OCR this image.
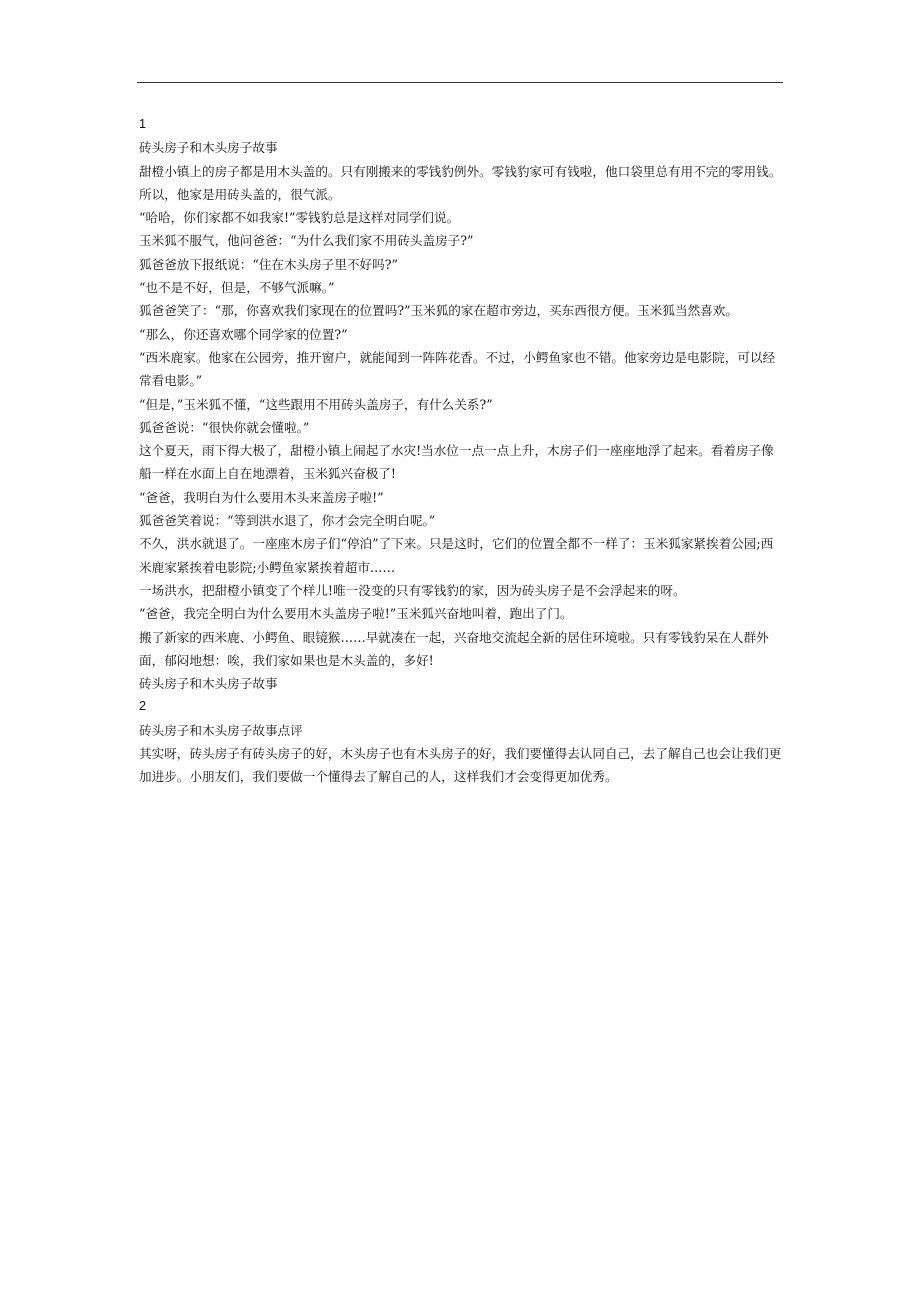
1
砖头房子和木头房子故事
甜橙小镇上的房子都是用木头盖的。只有刚搬来的零钱豹例外。零钱豹家可有钱啦，他口袋里总有用不完的零用钱。所以，他家是用砖头盖的，很气派。
“哈哈，你们家都不如我家!”零钱豹总是这样对同学们说。
玉米狐不服气，他问爸爸：“为什么我们家不用砖头盖房子?”
狐爸爸放下报纸说：“住在木头房子里不好吗?”
“也不是不好，但是，不够气派嘛。”
狐爸爸笑了：“那，你喜欢我们家现在的位置吗?”玉米狐的家在超市旁边，买东西很方便。玉米狐当然喜欢。
“那么，你还喜欢哪个同学家的位置?”
“西米鹿家。他家在公园旁，推开窗户，就能闻到一阵阵花香。不过，小鳄鱼家也不错。他家旁边是电影院，可以经常看电影。”
“但是，”玉米狐不懂，“这些跟用不用砖头盖房子，有什么关系?”
狐爸爸说：“很快你就会懂啦。”
这个夏天，雨下得大极了，甜橙小镇上闹起了水灾!当水位一点一点上升，木房子们一座座地浮了起来。看着房子像船一样在水面上自在地漂着，玉米狐兴奋极了!
“爸爸，我明白为什么要用木头来盖房子啦!”
狐爸爸笑着说：“等到洪水退了，你才会完全明白呢。”
不久，洪水就退了。一座座木房子们“停泊”了下来。只是这时，它们的位置全都不一样了：玉米狐家紧挨着公园;西米鹿家紧挨着电影院;小鳄鱼家紧挨着超市……
一场洪水，把甜橙小镇变了个样儿!唯一没变的只有零钱豹的家，因为砖头房子是不会浮起来的呀。
“爸爸，我完全明白为什么要用木头盖房子啦!”玉米狐兴奋地叫着，跑出了门。
搬了新家的西米鹿、小鳄鱼、眼镜猴……早就凑在一起，兴奋地交流起全新的居住环境啦。只有零钱豹呆在人群外面，郁闷地想：唉，我们家如果也是木头盖的，多好!
砖头房子和木头房子故事
2
砖头房子和木头房子故事点评
其实呀，砖头房子有砖头房子的好，木头房子也有木头房子的好，我们要懂得去认同自己，去了解自己也会让我们更加进步。小朋友们，我们要做一个懂得去了解自己的人，这样我们才会变得更加优秀。
